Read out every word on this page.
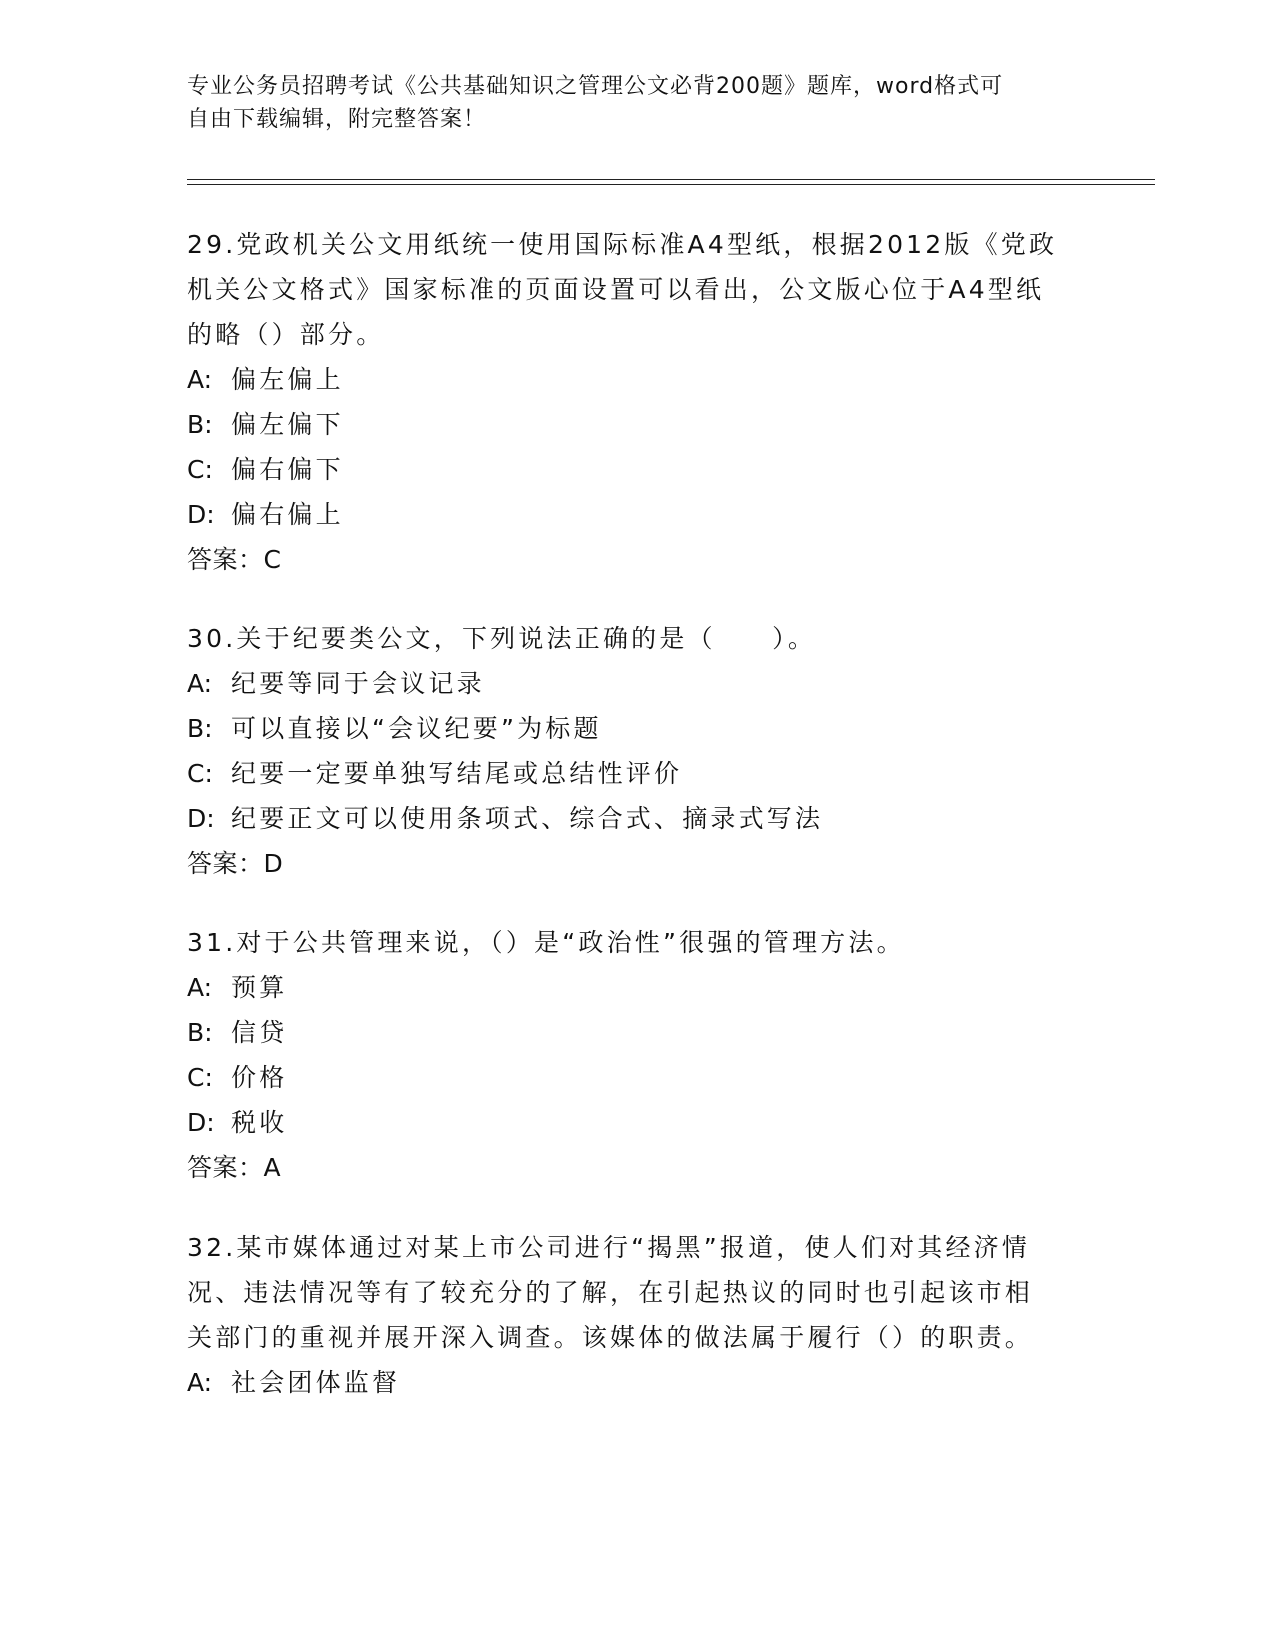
专业公务员招聘考试《公共基础知识之管理公文必背200题》题库，word格式可
自由下载编辑，附完整答案！

29.党政机关公文用纸统一使用国际标准A4型纸，根据2012版《党政

机关公文格式》国家标准的页面设置可以看出，公文版心位于A4型纸

的略（）部分。

A: 偏左偏上

B: 偏左偏下

C: 偏右偏下

D: 偏右偏上

答案：C

30.关于纪要类公文，下列说法正确的是（　　）。

A: 纪要等同于会议记录

B: 可以直接以“会议纪要”为标题

C: 纪要一定要单独写结尾或总结性评价

D: 纪要正文可以使用条项式、综合式、摘录式写法

答案：D

31.对于公共管理来说，（）是“政治性”很强的管理方法。

A: 预算

B: 信贷

C: 价格

D: 税收

答案：A

32.某市媒体通过对某上市公司进行“揭黑”报道，使人们对其经济情

况、违法情况等有了较充分的了解，在引起热议的同时也引起该市相

关部门的重视并展开深入调查。该媒体的做法属于履行（）的职责。

A: 社会团体监督
